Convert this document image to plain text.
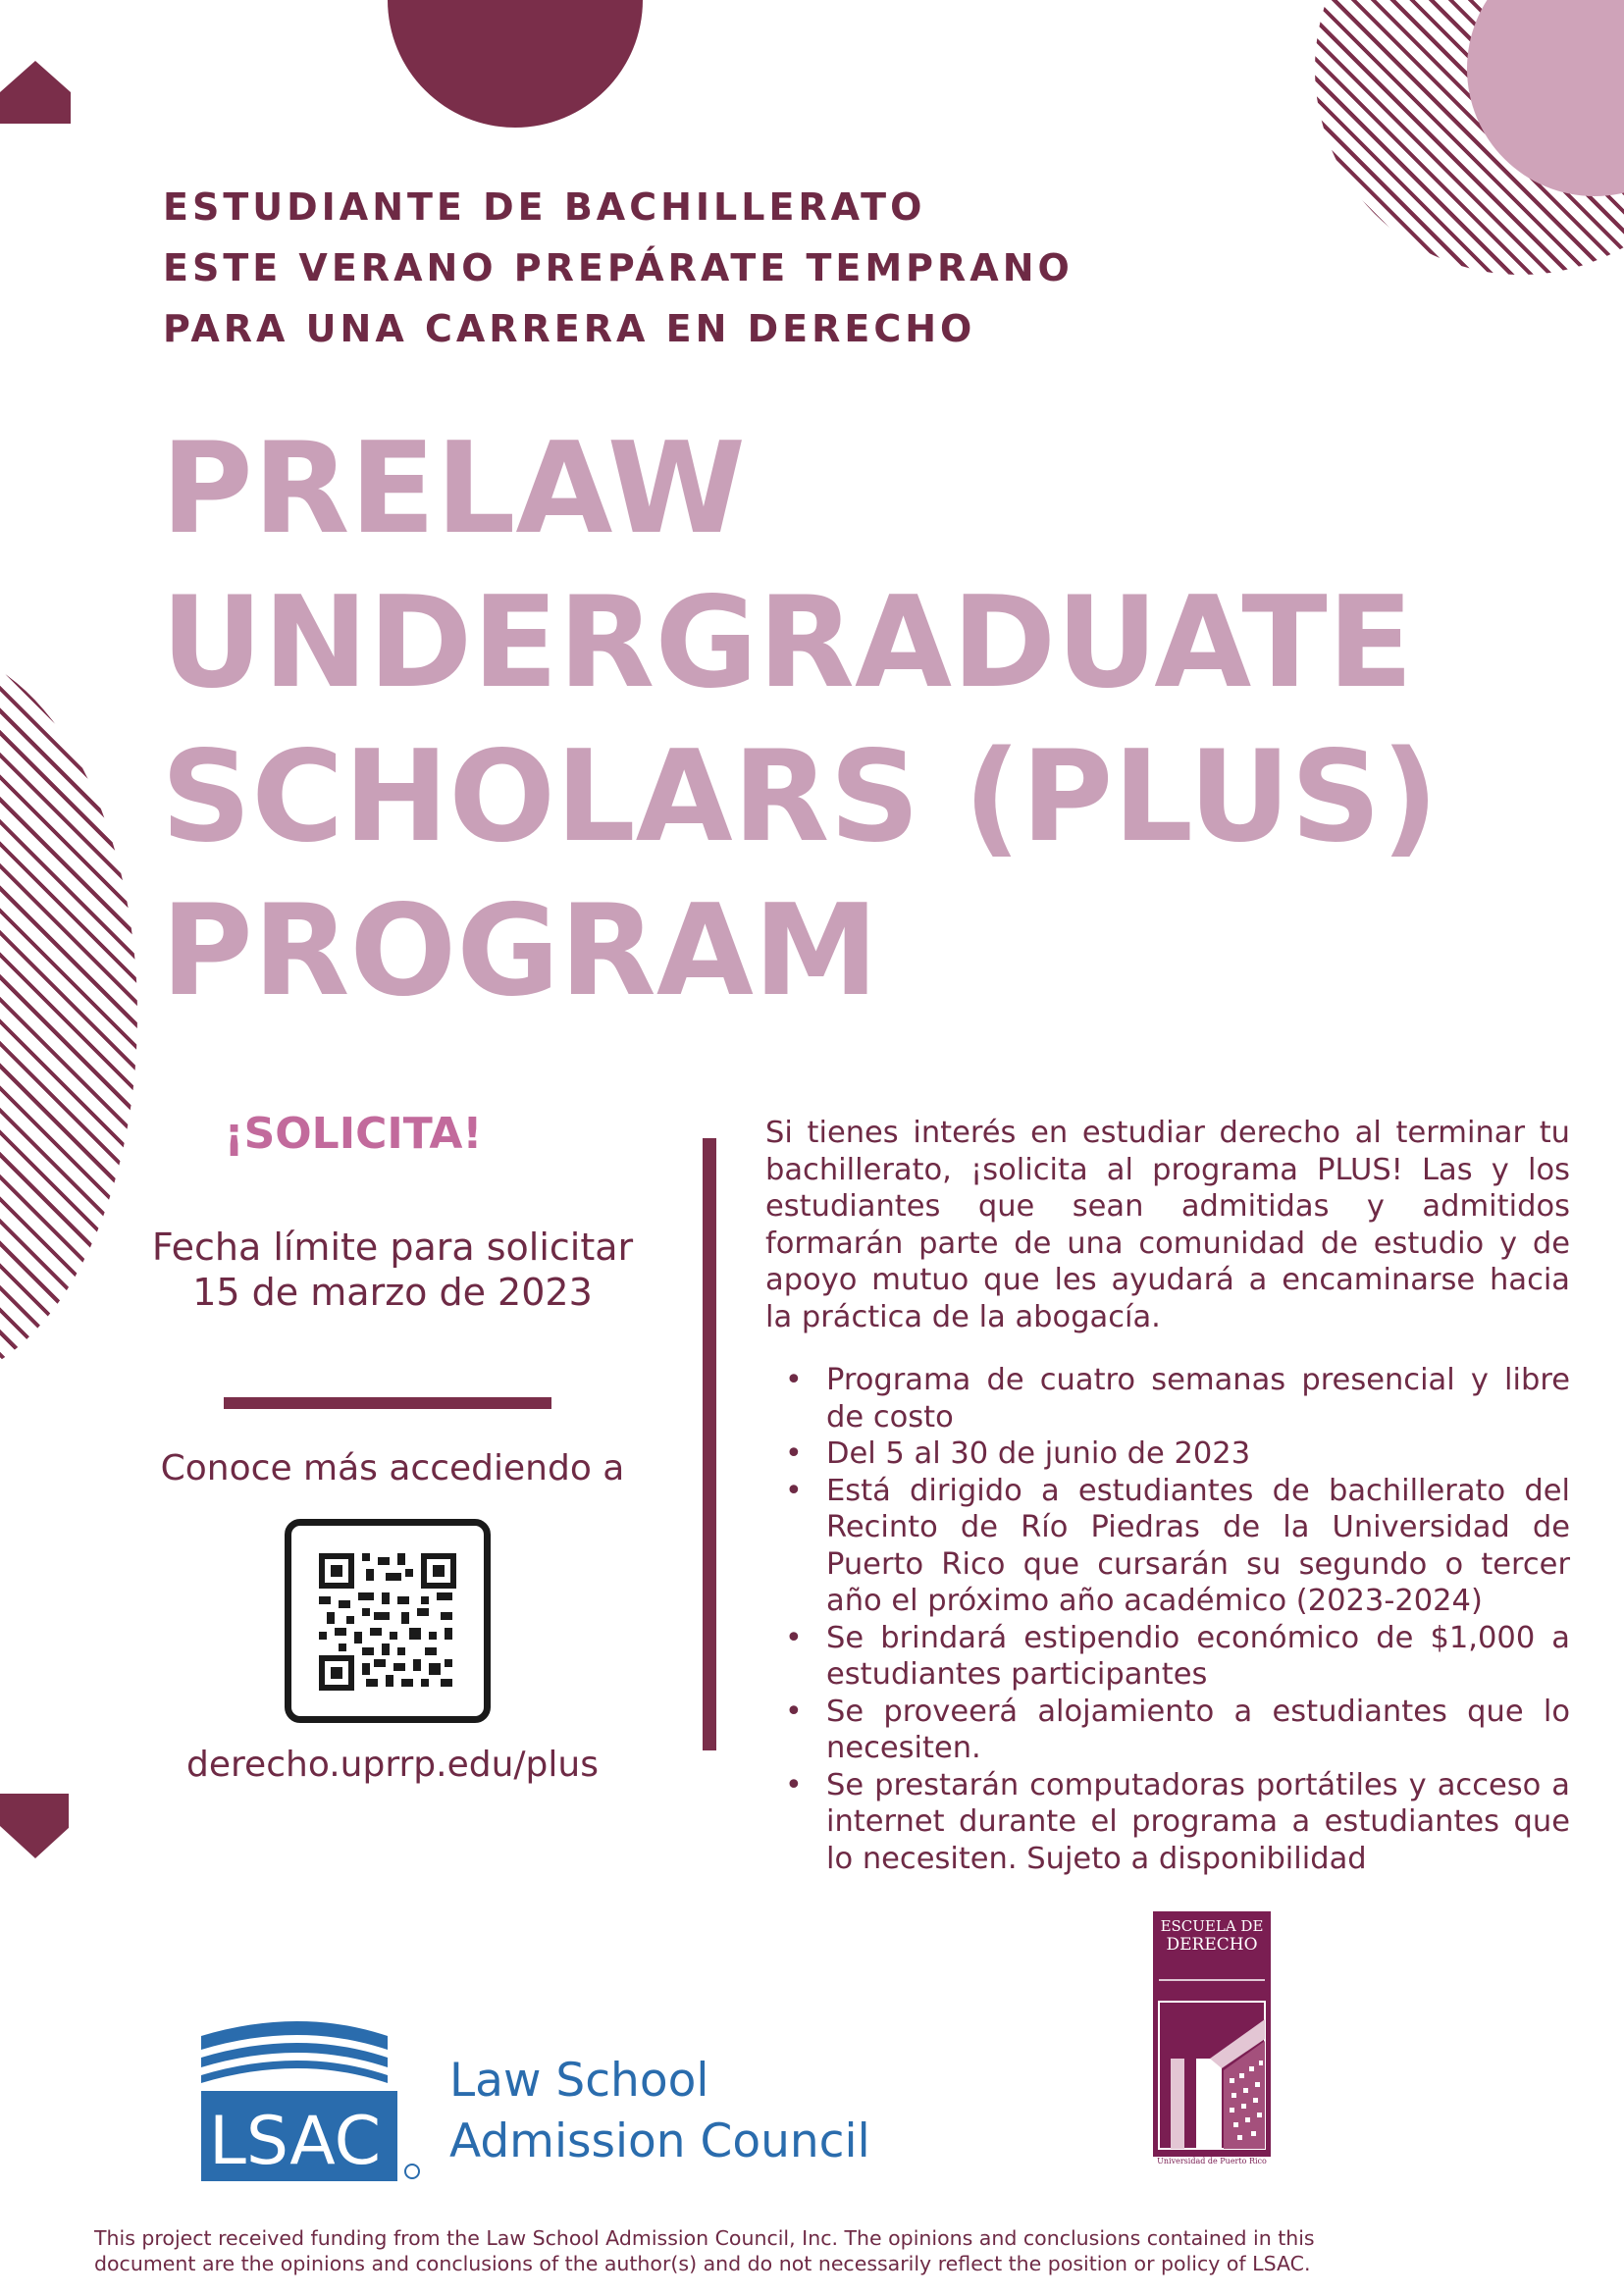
ESTUDIANTE DE BACHILLERATO
ESTE VERANO PREPÁRATE TEMPRANO
PARA UNA CARRERA EN DERECHO
PRELAW
UNDERGRADUATE
SCHOLARS (PLUS)
PROGRAM
¡SOLICITA!
Fecha límite para solicitar
15 de marzo de 2023
Conoce más accediendo a
derecho.uprrp.edu/plus
Si tienes interés en estudiar derecho al terminar tu bachillerato, ¡solicita al programa PLUS! Las y los estudiantes que sean admitidas y admitidos formarán parte de una comunidad de estudio y de apoyo mutuo que les ayudará a encaminarse hacia la práctica de la abogacía.
• Programa de cuatro semanas presencial y libre de costo
• Del 5 al 30 de junio de 2023
• Está dirigido a estudiantes de bachillerato del Recinto de Río Piedras de la Universidad de Puerto Rico que cursarán su segundo o tercer año el próximo año académico (2023-2024)
• Se brindará estipendio económico de $1,000 a estudiantes participantes
• Se proveerá alojamiento a estudiantes que lo necesiten.
• Se prestarán computadoras portátiles y acceso a internet durante el programa a estudiantes que lo necesiten. Sujeto a disponibilidad
LSAC
Law School
Admission Council
ESCUELA DE
DERECHO
Universidad de Puerto Rico
This project received funding from the Law School Admission Council, Inc. The opinions and conclusions contained in this
document are the opinions and conclusions of the author(s) and do not necessarily reflect the position or policy of LSAC.
